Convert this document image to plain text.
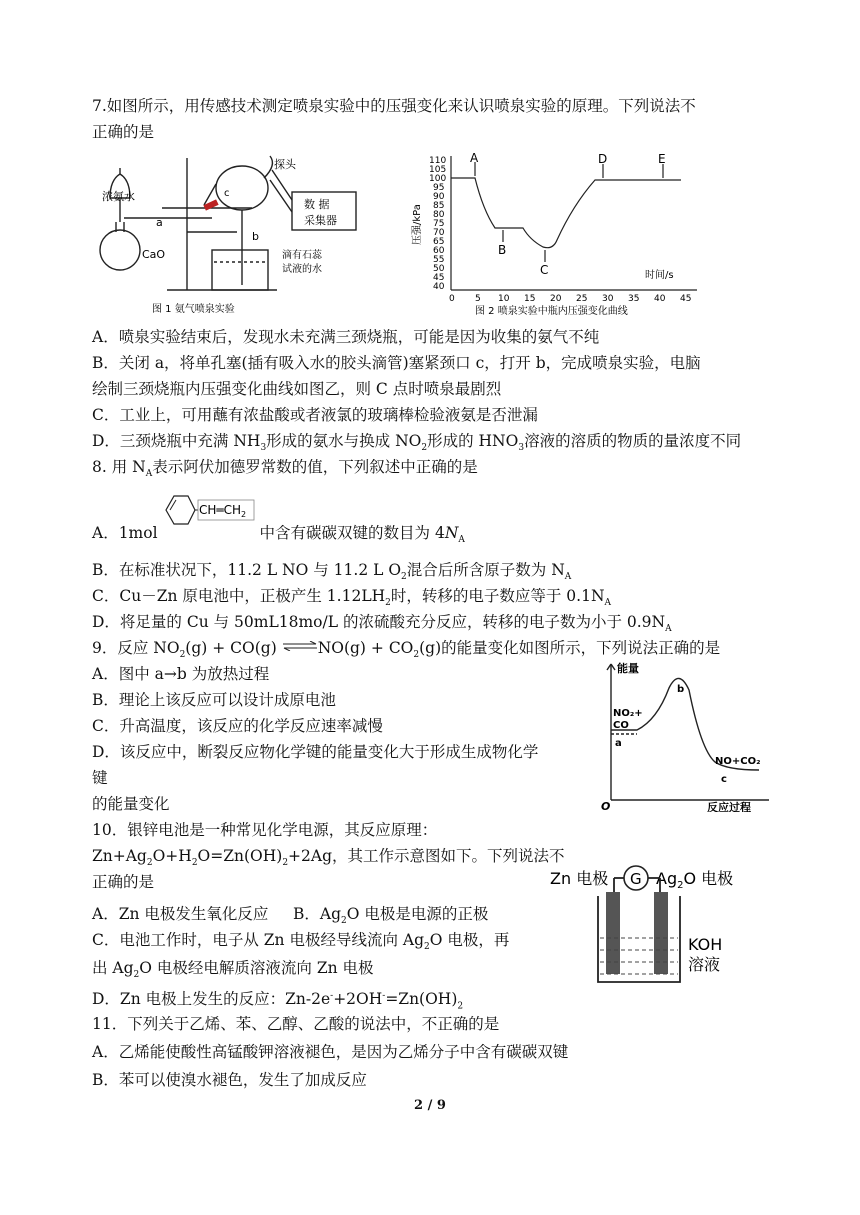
7.如图所示，用传感技术测定喷泉实验中的压强变化来认识喷泉实验的原理。下列说法不
正确的是
浓氨水
探头
数 据
采集器
a
b
c
CaO	滴有石蕊
试液的水
图 1 氨气喷泉实验
压强/kPa
110
105
100
95
90
85
80
75
70
65
60
55
50
45
40
0 5 10 15 20 25 30 35 40 45
A
B
C
D	E
时间/s
图 2 喷泉实验中瓶内压强变化曲线
A．喷泉实验结束后，发现水未充满三颈烧瓶，可能是因为收集的氨气不纯
B．关闭 a，将单孔塞(插有吸入水的胶头滴管)塞紧颈口 c，打开 b，完成喷泉实验，电脑
绘制三颈烧瓶内压强变化曲线如图乙，则 C 点时喷泉最剧烈
C．工业上，可用蘸有浓盐酸或者液氯的玻璃棒检验液氨是否泄漏
D．三颈烧瓶中充满 $NH_3$形成的氨水与换成 $NO_2$形成的 $HNO_3$溶液的溶质的物质的量浓度不同
8. 用 $N_A$表示阿伏加德罗常数的值，下列叙述中正确的是
$CH═CH_2$
A．1mol	中含有碳碳双键的数目为 $4N_A$
B．在标准状况下，11.2 L NO 与 11.2 L $O_2$混合后所含原子数为 $N_A$
C．Cu－Zn 原电池中，正极产生 $1.12LH_2$时，转移的电子数应等于 $0.1N_A$
D．将足量的 Cu 与 50mL18mo/L 的浓硫酸充分反应，转移的电子数为小于 $0.9N_A$
9．反应 $NO_2(g) + CO(g)$ ⇌NO(g) + $CO_2(g)$的能量变化如图所示，下列说法正确的是
A．图中 a→b 为放热过程
B．理论上该反应可以设计成原电池
C．升高温度，该反应的化学反应速率减慢
D．该反应中，断裂反应物化学键的能量变化大于形成生成物化学
键
的能量变化
能量
NO₂+
CO
a
b
NO+CO₂
c
O	反应过程
10．银锌电池是一种常见化学电源，其反应原理：
$Zn+Ag_2O+H_2O=Zn(OH)_2+2Ag$，其工作示意图如下。下列说法不
正确的是
A．Zn 电极发生氧化反应 B．$Ag_2O$ 电极是电源的正极
C．电池工作时，电子从 Zn 电极经导线流向 $Ag_2O$ 电极，再
出 $Ag_2O$ 电极经电解质溶液流向 Zn 电极
D．Zn 电极上发生的反应：$Zn-2e^-+2OH^-=Zn(OH)_2$
Zn 电极 G $Ag_2O$ 电极
KOH
溶液
11．下列关于乙烯、苯、乙醇、乙酸的说法中，不正确的是
A．乙烯能使酸性高锰酸钾溶液褪色，是因为乙烯分子中含有碳碳双键
B．苯可以使溴水褪色，发生了加成反应
2 / 9
